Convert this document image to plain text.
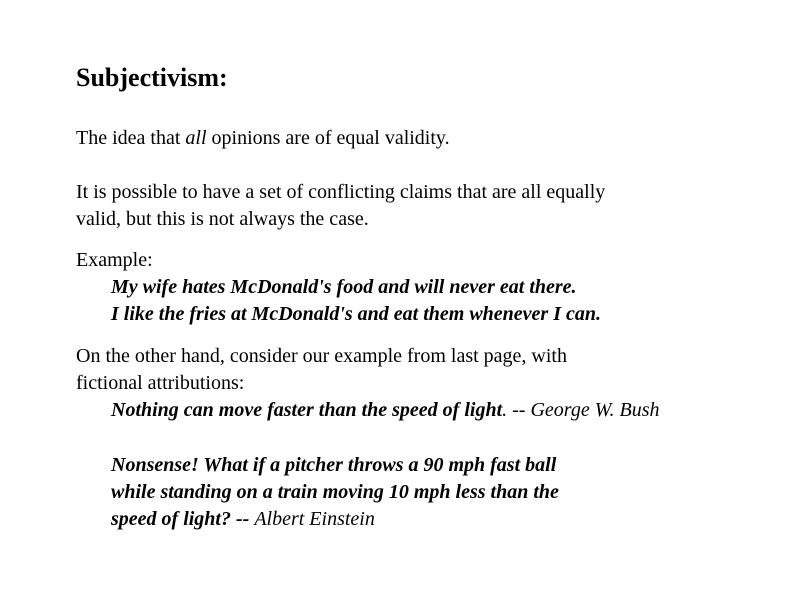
Subjectivism:
The idea that all opinions are of equal validity.
It is possible to have a set of conflicting claims that are all equally
valid, but this is not always the case.
Example:
My wife hates McDonald's food and will never eat there.
I like the fries at McDonald's and eat them whenever I can.
On the other hand, consider our example from last page, with
fictional attributions:
Nothing can move faster than the speed of light. -- George W. Bush
Nonsense! What if a pitcher throws a 90 mph fast ball
while standing on a train moving 10 mph less than the
speed of light? -- Albert Einstein
